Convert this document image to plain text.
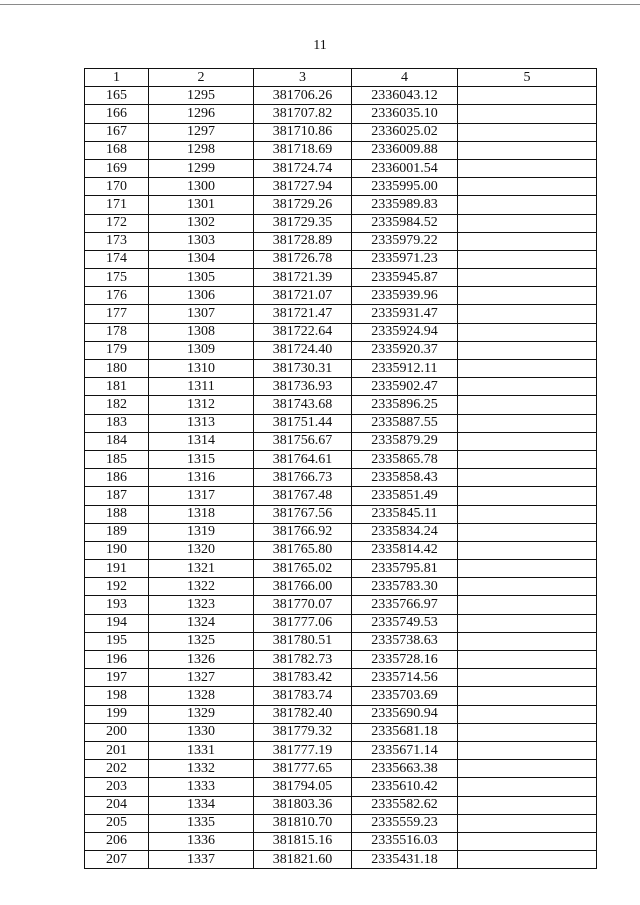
11
1	2	3	4	5
165	1295	381706.26	2336043.12	
166	1296	381707.82	2336035.10	
167	1297	381710.86	2336025.02	
168	1298	381718.69	2336009.88	
169	1299	381724.74	2336001.54	
170	1300	381727.94	2335995.00	
171	1301	381729.26	2335989.83	
172	1302	381729.35	2335984.52	
173	1303	381728.89	2335979.22	
174	1304	381726.78	2335971.23	
175	1305	381721.39	2335945.87	
176	1306	381721.07	2335939.96	
177	1307	381721.47	2335931.47	
178	1308	381722.64	2335924.94	
179	1309	381724.40	2335920.37	
180	1310	381730.31	2335912.11	
181	1311	381736.93	2335902.47	
182	1312	381743.68	2335896.25	
183	1313	381751.44	2335887.55	
184	1314	381756.67	2335879.29	
185	1315	381764.61	2335865.78	
186	1316	381766.73	2335858.43	
187	1317	381767.48	2335851.49	
188	1318	381767.56	2335845.11	
189	1319	381766.92	2335834.24	
190	1320	381765.80	2335814.42	
191	1321	381765.02	2335795.81	
192	1322	381766.00	2335783.30	
193	1323	381770.07	2335766.97	
194	1324	381777.06	2335749.53	
195	1325	381780.51	2335738.63	
196	1326	381782.73	2335728.16	
197	1327	381783.42	2335714.56	
198	1328	381783.74	2335703.69	
199	1329	381782.40	2335690.94	
200	1330	381779.32	2335681.18	
201	1331	381777.19	2335671.14	
202	1332	381777.65	2335663.38	
203	1333	381794.05	2335610.42	
204	1334	381803.36	2335582.62	
205	1335	381810.70	2335559.23	
206	1336	381815.16	2335516.03	
207	1337	381821.60	2335431.18	
